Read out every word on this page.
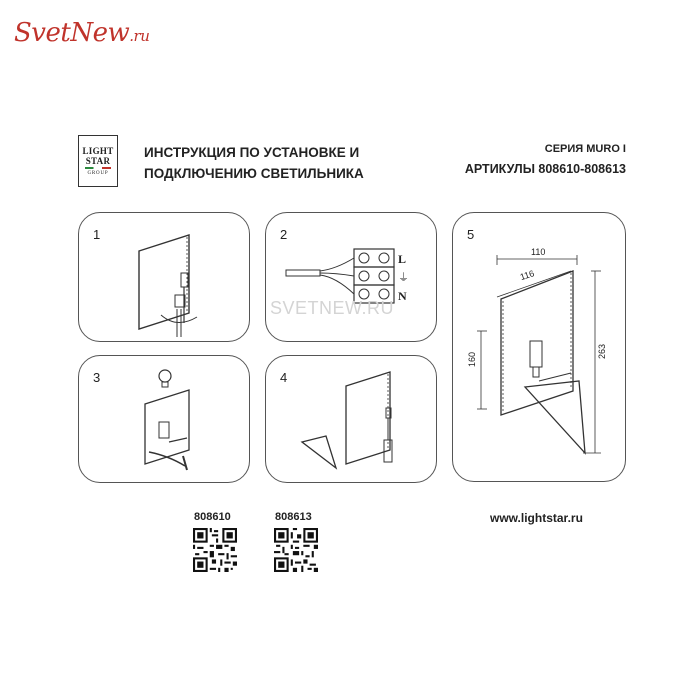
SvetNew.ru
LIGHT
STAR
GROUP
ИНСТРУКЦИЯ ПО УСТАНОВКЕ И
ПОДКЛЮЧЕНИЮ СВЕТИЛЬНИКА
СЕРИЯ MURO I
АРТИКУЛЫ 808610-808613
1	2
L
⏚
N
3	4
5
110
116
160
263
SVETNEW.RU
808610	808613	www.lightstar.ru
